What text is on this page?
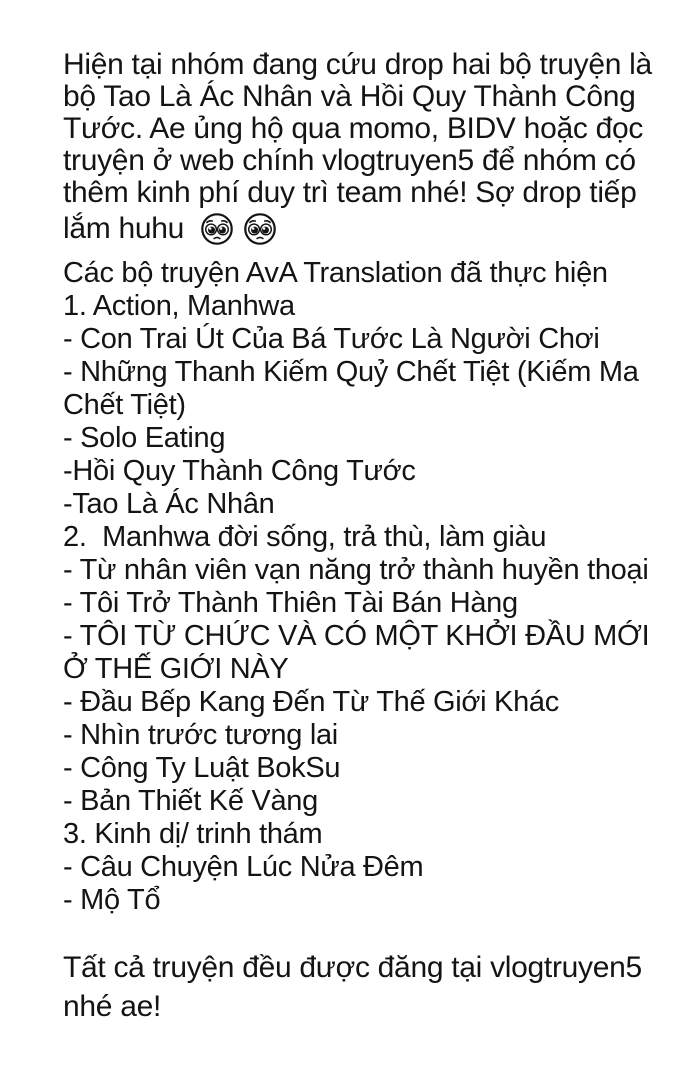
Hiện tại nhóm đang cứu drop hai bộ truyện là
bộ Tao Là Ác Nhân và Hồi Quy Thành Công
Tước. Ae ủng hộ qua momo, BIDV hoặc đọc
truyện ở web chính vlogtruyen5 để nhóm có
thêm kinh phí duy trì team nhé! Sợ drop tiếp
lắm huhu
Các bộ truyện AvA Translation đã thực hiện
1. Action, Manhwa
- Con Trai Út Của Bá Tước Là Người Chơi
- Những Thanh Kiếm Quỷ Chết Tiệt (Kiếm Ma
Chết Tiệt)
- Solo Eating
-Hồi Quy Thành Công Tước
-Tao Là Ác Nhân
2.  Manhwa đời sống, trả thù, làm giàu
- Từ nhân viên vạn năng trở thành huyền thoại
- Tôi Trở Thành Thiên Tài Bán Hàng
- TÔI TỪ CHỨC VÀ CÓ MỘT KHỞI ĐẦU MỚI
Ở THẾ GIỚI NÀY
- Đầu Bếp Kang Đến Từ Thế Giới Khác
- Nhìn trước tương lai
- Công Ty Luật BokSu
- Bản Thiết Kế Vàng
3. Kinh dị/ trinh thám
- Câu Chuyện Lúc Nửa Đêm
- Mộ Tổ
Tất cả truyện đều được đăng tại vlogtruyen5
nhé ae!
